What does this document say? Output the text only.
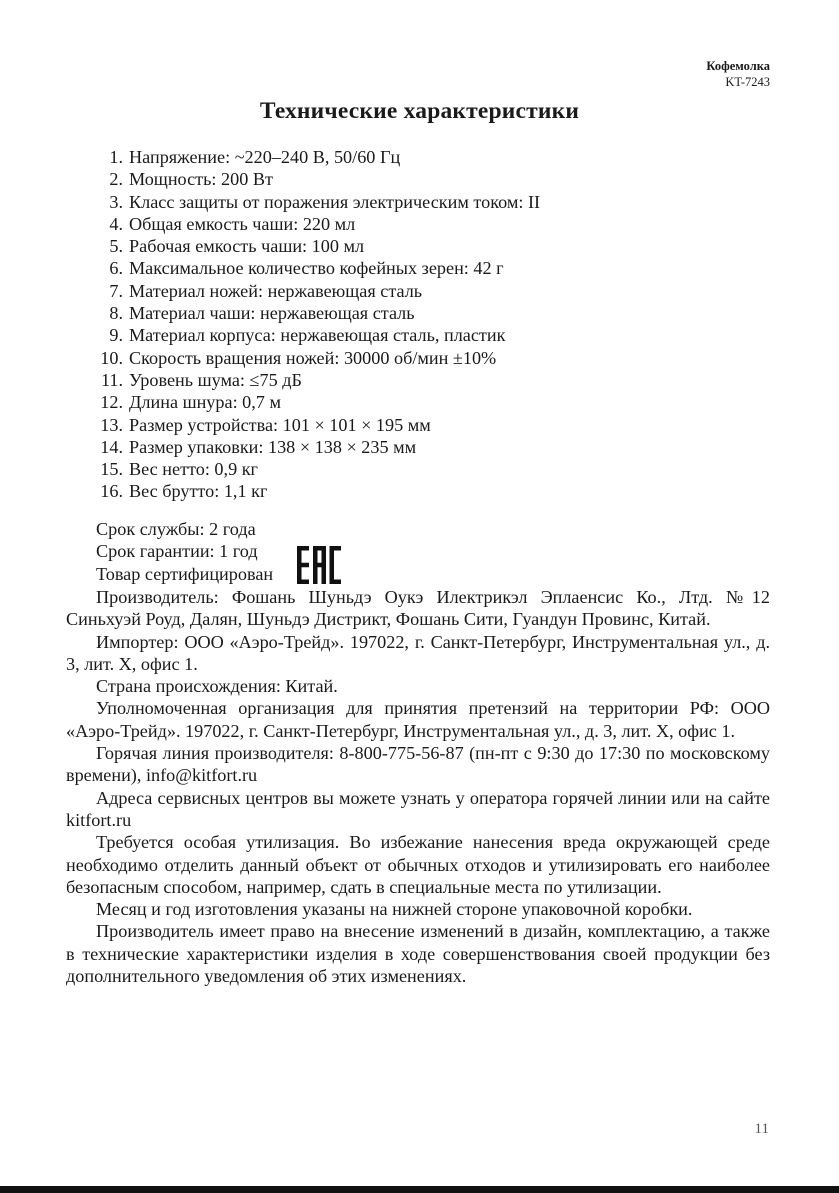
Кофемолка
KT-7243
Технические характеристики
1. Напряжение: ~220–240 В, 50/60 Гц
2. Мощность: 200 Вт
3. Класс защиты от поражения электрическим током: II
4. Общая емкость чаши: 220 мл
5. Рабочая емкость чаши: 100 мл
6. Максимальное количество кофейных зерен: 42 г
7. Материал ножей: нержавеющая сталь
8. Материал чаши: нержавеющая сталь
9. Материал корпуса: нержавеющая сталь, пластик
10. Скорость вращения ножей: 30000 об/мин ±10%
11. Уровень шума: ≤75 дБ
12. Длина шнура: 0,7 м
13. Размер устройства: 101 × 101 × 195 мм
14. Размер упаковки: 138 × 138 × 235 мм
15. Вес нетто: 0,9 кг
16. Вес брутто: 1,1 кг
Срок службы: 2 года
Срок гарантии: 1 год
Товар сертифицирован

Производитель: Фошань Шуньдэ Оукэ Илектрикэл Эплаенсис Ко., Лтд. №12 Синьхуэй Роуд, Далян, Шуньдэ Дистрикт, Фошань Сити, Гуандун Провинс, Китай.

Импортер: ООО «Аэро-Трейд». 197022, г. Санкт-Петербург, Инструментальная ул., д. 3, лит. Х, офис 1.

Страна происхождения: Китай.

Уполномоченная организация для принятия претензий на территории РФ: ООО «Аэро-Трейд». 197022, г. Санкт-Петербург, Инструментальная ул., д. 3, лит. Х, офис 1.

Горячая линия производителя: 8-800-775-56-87 (пн-пт с 9:30 до 17:30 по московскому времени), info@kitfort.ru

Адреса сервисных центров вы можете узнать у оператора горячей линии или на сайте kitfort.ru

Требуется особая утилизация. Во избежание нанесения вреда окружающей среде необходимо отделить данный объект от обычных отходов и утилизировать его наиболее безопасным способом, например, сдать в специальные места по утилизации.

Месяц и год изготовления указаны на нижней стороне упаковочной коробки.

Производитель имеет право на внесение изменений в дизайн, комплектацию, а также в технические характеристики изделия в ходе совершенствования своей продукции без дополнительного уведомления об этих изменениях.

11
